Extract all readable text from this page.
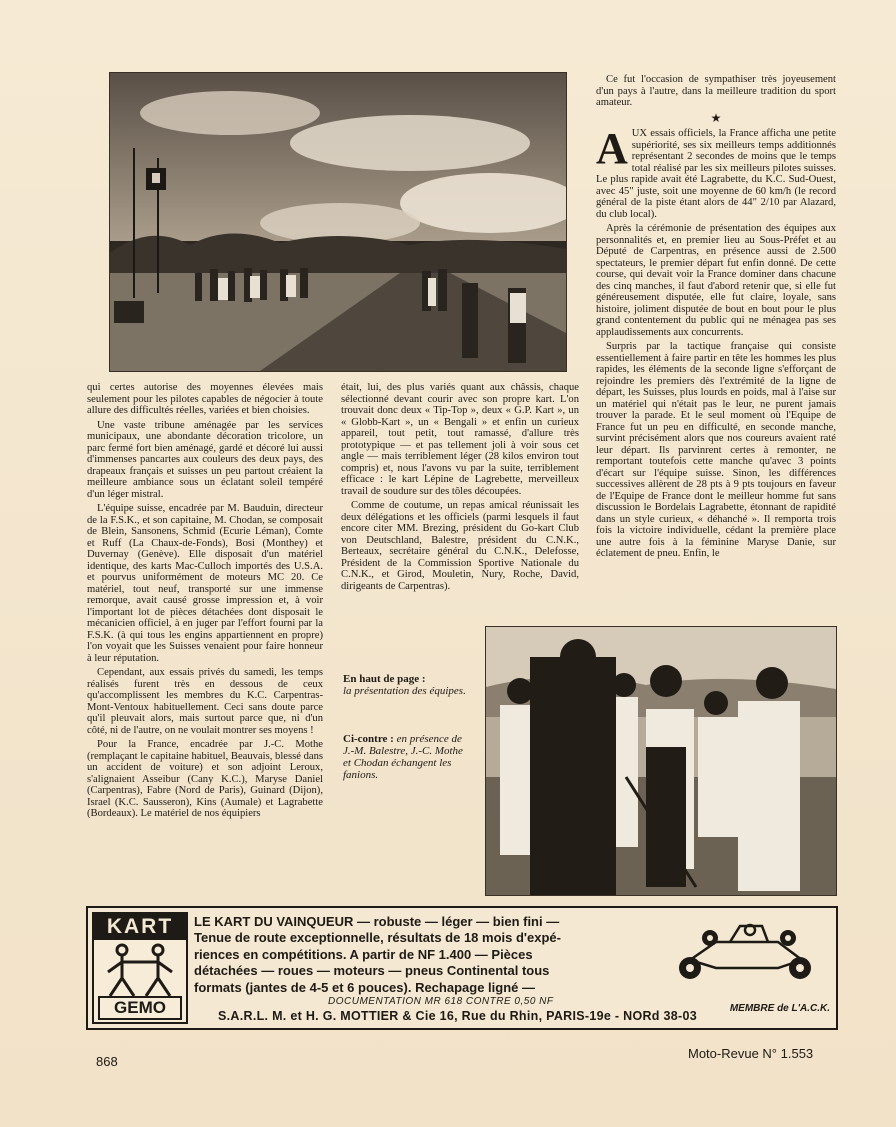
qui certes autorise des moyennes élevées mais seulement pour les pilotes capables de négocier à toute allure des difficultés réelles, variées et bien choisies.

Une vaste tribune aménagée par les services municipaux, une abondante décoration tricolore, un parc fermé fort bien aménagé, gardé et décoré lui aussi d'immenses pancartes aux couleurs des deux pays, des drapeaux français et suisses un peu partout créaient la meilleure ambiance sous un éclatant soleil tempéré d'un léger mistral.

L'équipe suisse, encadrée par M. Bauduin, directeur de la F.S.K., et son capitaine, M. Chodan, se composait de Blein, Sansonens, Schmid (Ecurie Léman), Comte et Ruff (La Chaux-de-Fonds), Bosi (Monthey) et Duvernay (Genève). Elle disposait d'un matériel identique, des karts Mac-Culloch importés des U.S.A. et pourvus uniformément de moteurs MC 20. Ce matériel, tout neuf, transporté sur une immense remorque, avait causé grosse impression et, à voir l'important lot de pièces détachées dont disposait le mécanicien officiel, à en juger par l'effort fourni par la F.S.K. (à qui tous les engins appartiennent en propre) l'on voyait que les Suisses venaient pour faire honneur à leur réputation.

Cependant, aux essais privés du samedi, les temps réalisés furent très en dessous de ceux qu'accomplissent les membres du K.C. Carpentras-Mont-Ventoux habituellement. Ceci sans doute parce qu'il pleuvait alors, mais surtout parce que, ni d'un côté, ni de l'autre, on ne voulait montrer ses moyens !

Pour la France, encadrée par J.-C. Mothe (remplaçant le capitaine habituel, Beauvais, blessé dans un accident de voiture) et son adjoint Leroux, s'alignaient Asseibur (Cany K.C.), Maryse Daniel (Carpentras), Fabre (Nord de Paris), Guinard (Dijon), Israel (K.C. Sausseron), Kins (Aumale) et Lagrabette (Bordeaux). Le matériel de nos équipiers

était, lui, des plus variés quant aux châssis, chaque sélectionné devant courir avec son propre kart. L'on trouvait donc deux « Tip-Top », deux « G.P. Kart », un « Globb-Kart », un « Bengali » et enfin un curieux appareil, tout petit, tout ramassé, d'allure très prototypique — et pas tellement joli à voir sous cet angle — mais terriblement léger (28 kilos environ tout compris) et, nous l'avons vu par la suite, terriblement efficace : le kart Lépine de Lagrebette, merveilleux travail de soudure sur des tôles découpées.

Comme de coutume, un repas amical réunissait les deux délégations et les officiels (parmi lesquels il faut encore citer MM. Brezing, président du Go-kart Club von Deutschland, Balestre, président du C.N.K., Berteaux, secrétaire général du C.N.K., Delefosse, Président de la Commission Sportive Nationale du C.N.K., et Girod, Mouletin, Nury, Roche, David, dirigeants de Carpentras).

Ce fut l'occasion de sympathiser très joyeusement d'un pays à l'autre, dans la meilleure tradition du sport amateur.

★

AUX essais officiels, la France afficha une petite supériorité, ses six meilleurs temps additionnés représentant 2 secondes de moins que le temps total réalisé par les six meilleurs pilotes suisses. Le plus rapide avait été Lagrabette, du K.C. Sud-Ouest, avec 45" juste, soit une moyenne de 60 km/h (le record général de la piste étant alors de 44" 2/10 par Alazard, du club local).

Après la cérémonie de présentation des équipes aux personnalités et, en premier lieu au Sous-Préfet et au Député de Carpentras, en présence aussi de 2.500 spectateurs, le premier départ fut enfin donné. De cette course, qui devait voir la France dominer dans chacune des cinq manches, il faut d'abord retenir que, si elle fut généreusement disputée, elle fut claire, loyale, sans histoire, joliment disputée de bout en bout pour le plus grand contentement du public qui ne ménagea pas ses applaudissements aux concurrents.

Surpris par la tactique française qui consiste essentiellement à faire partir en tête les hommes les plus rapides, les éléments de la seconde ligne s'efforçant de rejoindre les premiers dès l'extrémité de la ligne de départ, les Suisses, plus lourds en poids, mal à l'aise sur un matériel qui n'était pas le leur, ne purent jamais trouver la parade. Et le seul moment où l'Equipe de France fut un peu en difficulté, en seconde manche, survint précisément alors que nos coureurs avaient raté leur départ. Ils parvinrent certes à remonter, ne remportant toutefois cette manche qu'avec 3 points d'écart sur l'équipe suisse. Sinon, les différences successives allèrent de 28 pts à 9 pts toujours en faveur de l'Equipe de France dont le meilleur homme fut sans discussion le Bordelais Lagrabette, étonnant de rapidité dans un style curieux, « déhanché ». Il remporta trois fois la victoire individuelle, cédant la première place une autre fois à la féminine Maryse Danie, sur éclatement de pneu. Enfin, le

En haut de page :
la présentation des équipes.
Ci-contre : en présence de J.-M. Balestre, J.-C. Mothe et Chodan échangent les fanions.
KART
GEMO
LE KART DU VAINQUEUR — robuste — léger — bien fini —
Tenue de route exceptionnelle, résultats de 18 mois d'expé-
riences en compétitions. A partir de NF 1.400 — Pièces
détachées — roues — moteurs — pneus Continental tous
formats (jantes de 4-5 et 6 pouces). Rechapage ligné —
DOCUMENTATION MR 618 CONTRE 0,50 NF
S.A.R.L. M. et H. G. MOTTIER & Cie 16, Rue du Rhin, PARIS-19e - NORd 38-03
MEMBRE de L'A.C.K.
868
Moto-Revue N° 1.553
